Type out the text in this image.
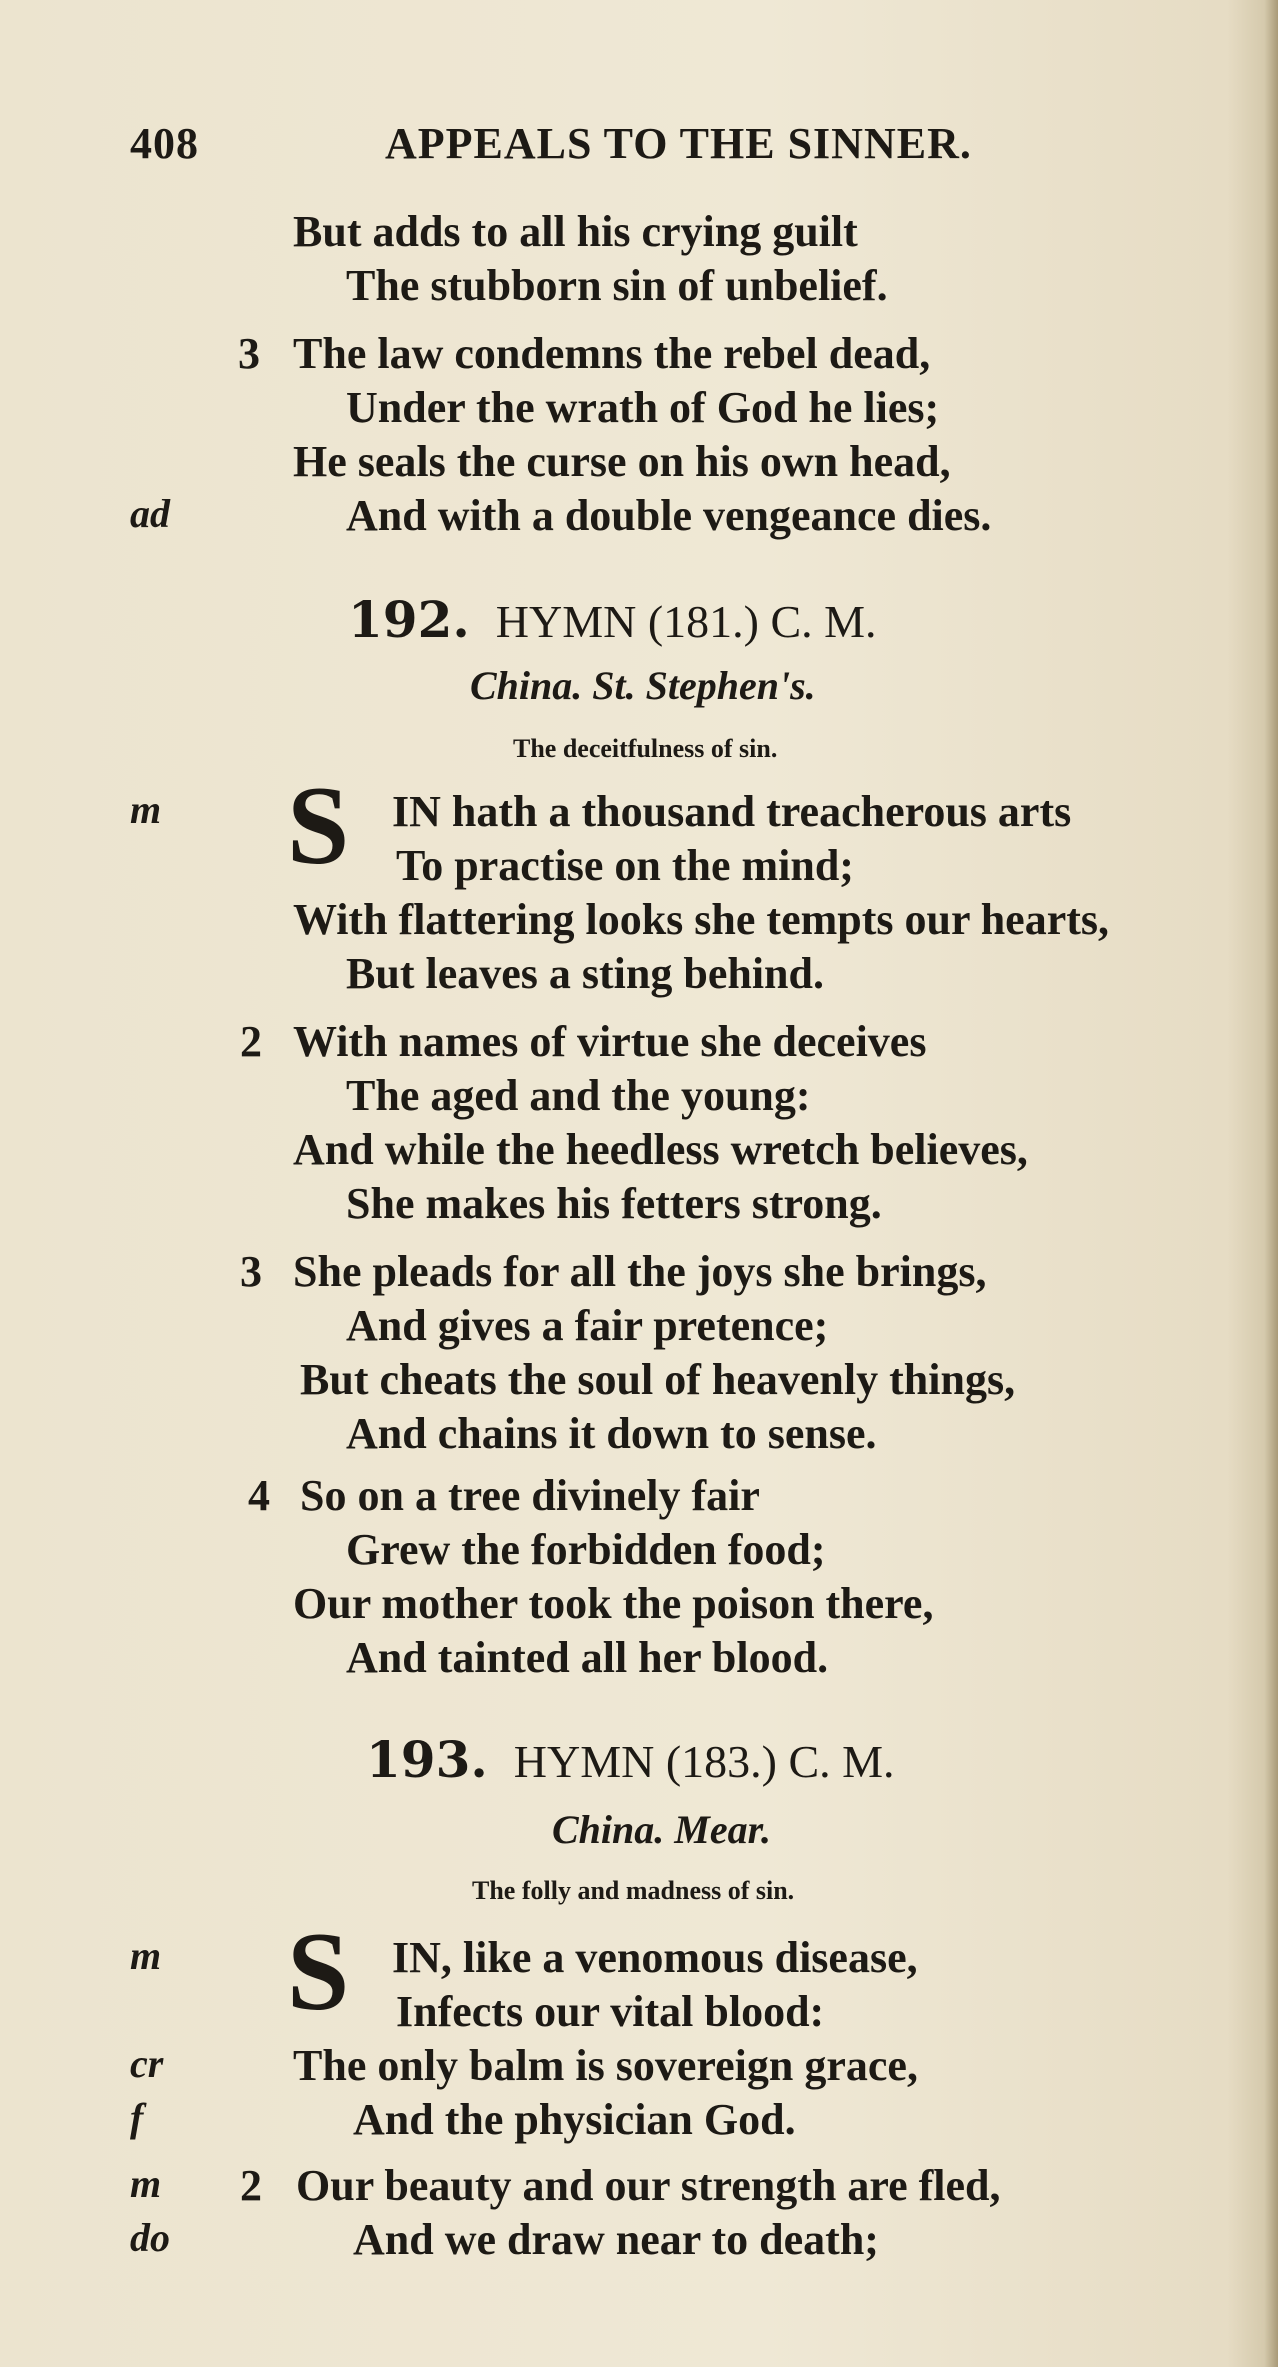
408	APPEALS TO THE SINNER.
But adds to all his crying guilt
The stubborn sin of unbelief.
3 The law condemns the rebel dead,
Under the wrath of God he lies;
He seals the curse on his own head,
ad	And with a double vengeance dies.
192. HYMN (181.) C. M.
China. St. Stephen's.
The deceitfulness of sin.
m S IN hath a thousand treacherous arts
To practise on the mind;
With flattering looks she tempts our hearts,
But leaves a sting behind.
2 With names of virtue she deceives
The aged and the young:
And while the heedless wretch believes,
She makes his fetters strong.
3 She pleads for all the joys she brings,
And gives a fair pretence;
But cheats the soul of heavenly things,
And chains it down to sense.
4 So on a tree divinely fair
Grew the forbidden food;
Our mother took the poison there,
And tainted all her blood.
193. HYMN (183.) C. M.
China. Mear.
The folly and madness of sin.
m S IN, like a venomous disease,
Infects our vital blood:
cr	The only balm is sovereign grace,
f	And the physician God.
m 2 Our beauty and our strength are fled,
do	And we draw near to death;
